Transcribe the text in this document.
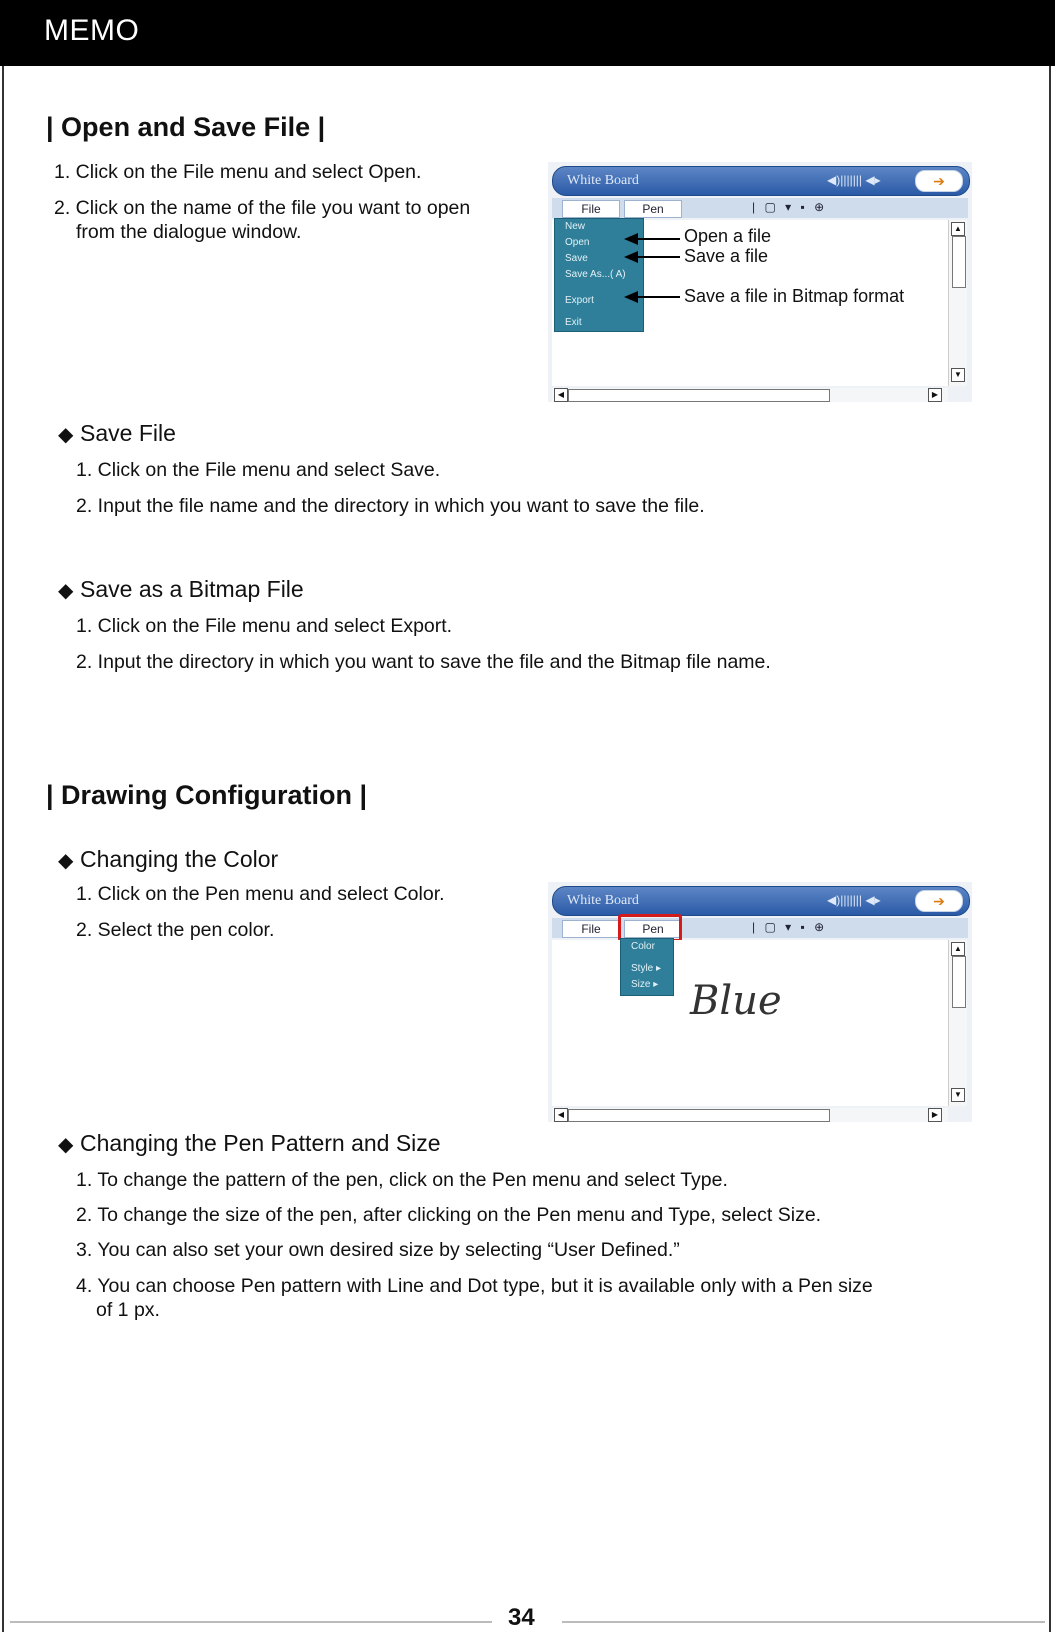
MEMO
| Open and Save File |
1. Click on the File menu and select Open.
2. Click on the name of the file you want to open
from the dialogue window.
White Board	◀)||||||| ◀▸	➔
File	Pen	| ▢ ▾ ▪ ⊕
▲
▼
◀	▶
New
Open
Save
Save As...( A)
Export
Exit
Open a file
Save a file
Save a file in Bitmap format
◆ Save File
1. Click on the File menu and select Save.
2. Input the file name and the directory in which you want to save the file.
◆ Save as a Bitmap File
1. Click on the File menu and select Export.
2. Input the directory in which you want to save the file and the Bitmap file name.
| Drawing Configuration |
◆ Changing the Color
1. Click on the Pen menu and select Color.
2. Select the pen color.
White Board	◀)||||||| ◀▸	➔
File	Pen	| ▢ ▾ ▪ ⊕
▲
▼
◀	▶
Color
Style ▸
Size ▸ Blue
◆ Changing the Pen Pattern and Size
1. To change the pattern of the pen, click on the Pen menu and select Type.
2. To change the size of the pen, after clicking on the Pen menu and Type, select Size.
3. You can also set your own desired size by selecting “User Defined.”
4. You can choose Pen pattern with Line and Dot type, but it is available only with a Pen size
of 1 px.
34
